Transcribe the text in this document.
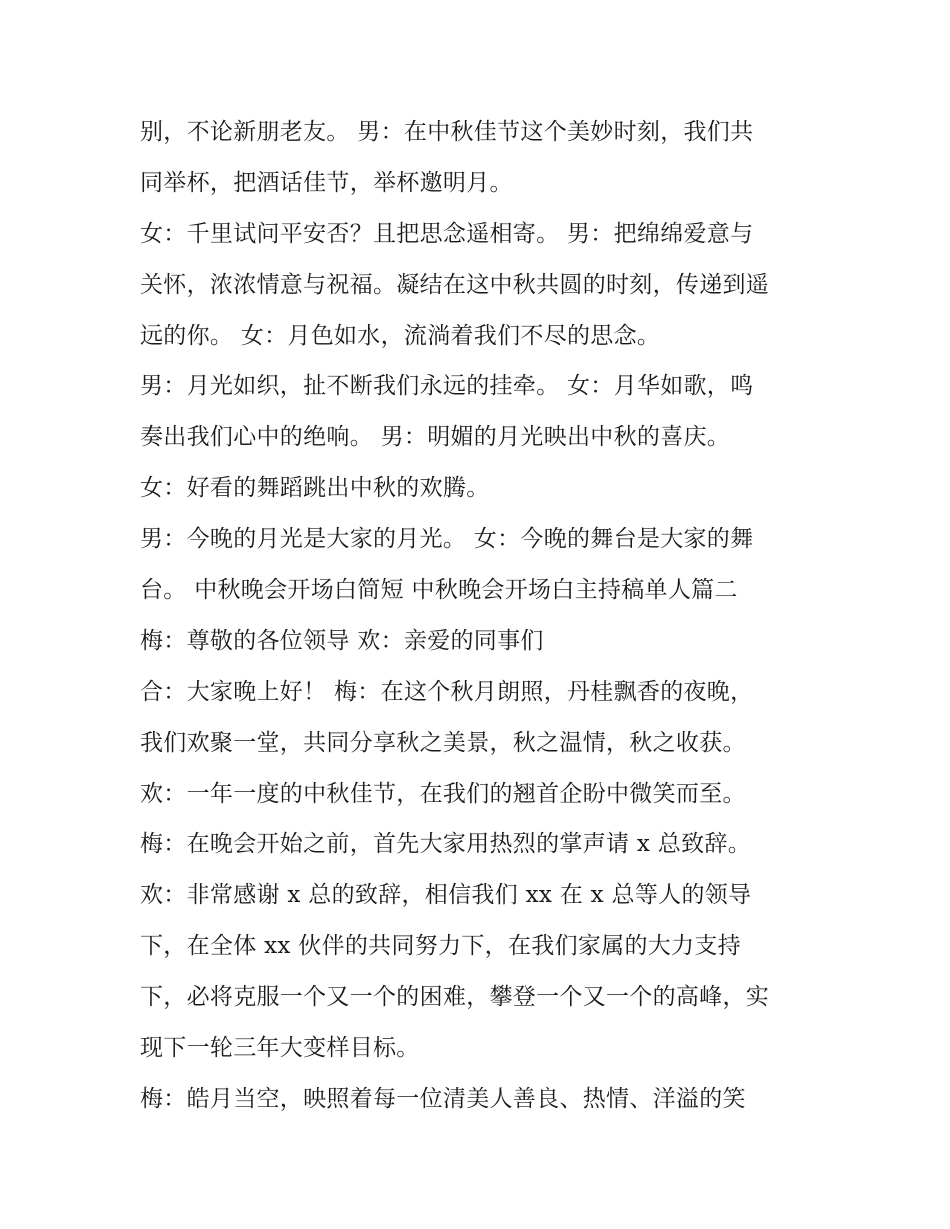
别，不论新朋老友。 男：在中秋佳节这个美妙时刻，我们共
同举杯，把酒话佳节，举杯邀明月。
女：千里试问平安否？且把思念遥相寄。 男：把绵绵爱意与
关怀，浓浓情意与祝福。凝结在这中秋共圆的时刻，传递到遥
远的你。 女：月色如水，流淌着我们不尽的思念。
男：月光如织，扯不断我们永远的挂牵。 女：月华如歌，鸣
奏出我们心中的绝响。 男：明媚的月光映出中秋的喜庆。
女：好看的舞蹈跳出中秋的欢腾。
男：今晚的月光是大家的月光。 女：今晚的舞台是大家的舞
台。 中秋晚会开场白简短 中秋晚会开场白主持稿单人篇二
梅：尊敬的各位领导 欢：亲爱的同事们
合：大家晚上好！ 梅：在这个秋月朗照，丹桂飘香的夜晚，
我们欢聚一堂，共同分享秋之美景，秋之温情，秋之收获。
欢：一年一度的中秋佳节，在我们的翘首企盼中微笑而至。
梅：在晚会开始之前，首先大家用热烈的掌声请 x 总致辞。
欢：非常感谢 x 总的致辞，相信我们 xx 在 x 总等人的领导
下，在全体 xx 伙伴的共同努力下，在我们家属的大力支持
下，必将克服一个又一个的困难，攀登一个又一个的高峰，实
现下一轮三年大变样目标。
梅：皓月当空，映照着每一位清美人善良、热情、洋溢的笑
